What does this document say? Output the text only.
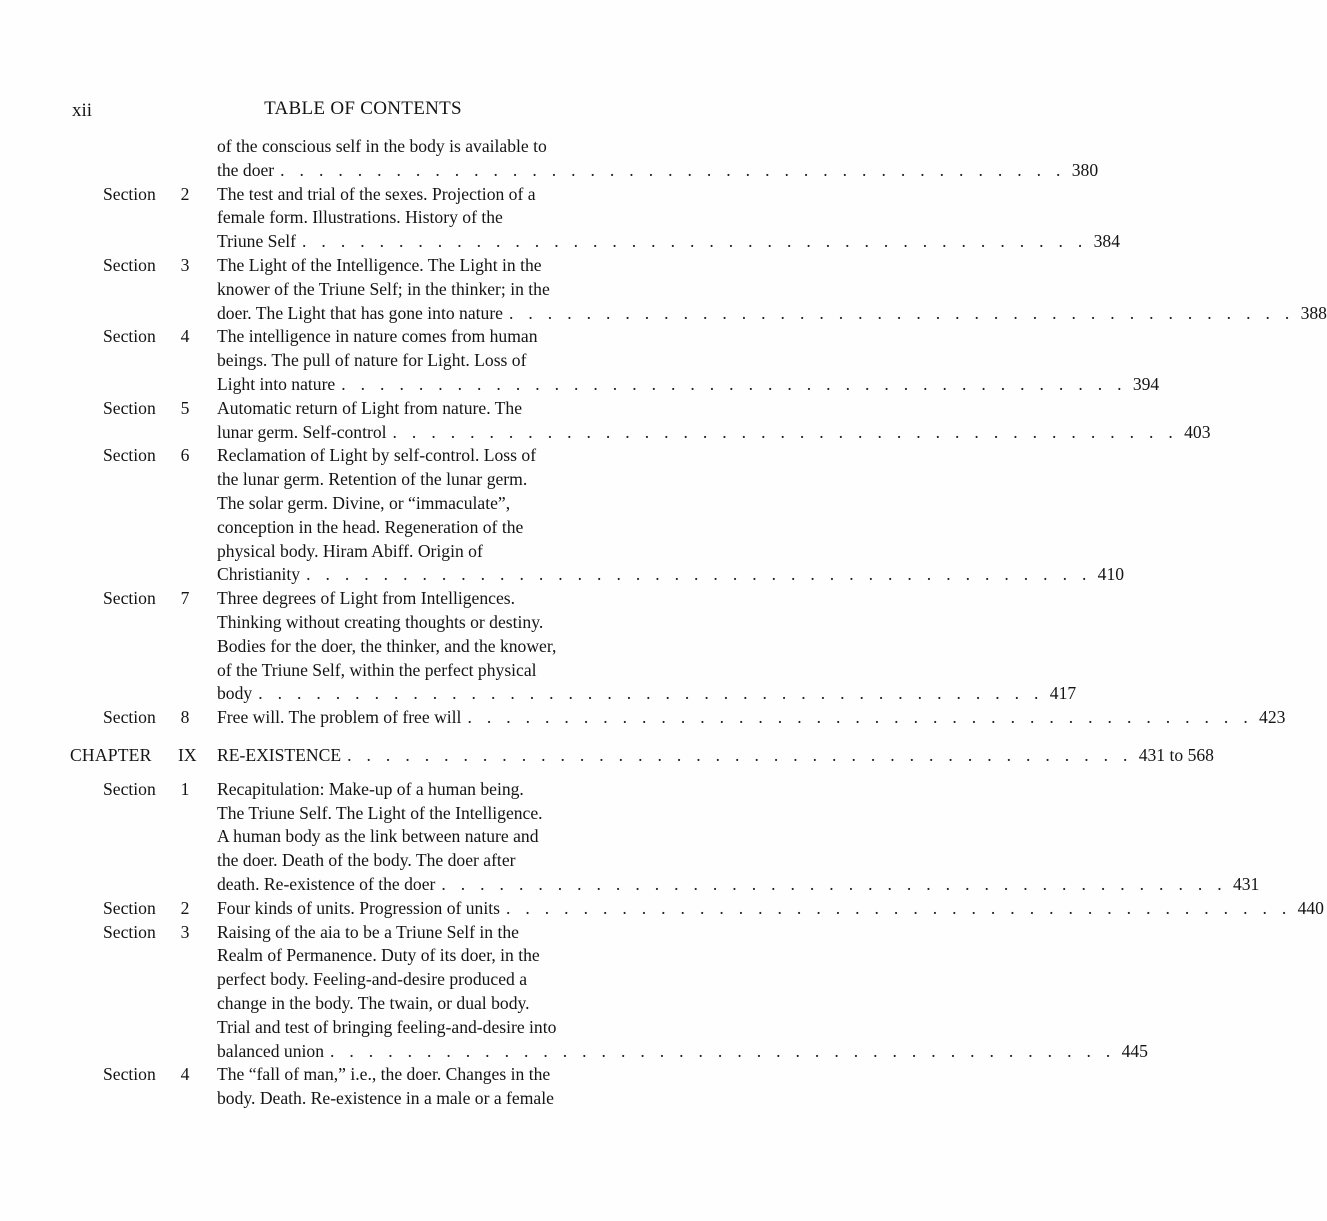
xii	TABLE OF CONTENTS
of the conscious self in the body is available to
the doer . . . . . . . . . . . . . . . . . . . . . . . . . . . . . . . . . . . . . . . . . 380
Section 2 The test and trial of the sexes. Projection of a
female form. Illustrations. History of the
Triune Self . . . . . . . . . . . . . . . . . . . . . . . . . . . . . . . . . . . . . . . . . 384
Section 3 The Light of the Intelligence. The Light in the
knower of the Triune Self; in the thinker; in the
doer. The Light that has gone into nature . . . . . . . . . . . . . . . . . . . . . . . . . . . . . . . . . . . . . . . . . 388
Section 4 The intelligence in nature comes from human
beings. The pull of nature for Light. Loss of
Light into nature . . . . . . . . . . . . . . . . . . . . . . . . . . . . . . . . . . . . . . . . . 394
Section 5 Automatic return of Light from nature. The
lunar germ. Self-control . . . . . . . . . . . . . . . . . . . . . . . . . . . . . . . . . . . . . . . . . 403
Section 6 Reclamation of Light by self-control. Loss of
the lunar germ. Retention of the lunar germ.
The solar germ. Divine, or “immaculate”,
conception in the head. Regeneration of the
physical body. Hiram Abiff. Origin of
Christianity . . . . . . . . . . . . . . . . . . . . . . . . . . . . . . . . . . . . . . . . . 410
Section 7 Three degrees of Light from Intelligences.
Thinking without creating thoughts or destiny.
Bodies for the doer, the thinker, and the knower,
of the Triune Self, within the perfect physical
body . . . . . . . . . . . . . . . . . . . . . . . . . . . . . . . . . . . . . . . . . 417
Section 8 Free will. The problem of free will . . . . . . . . . . . . . . . . . . . . . . . . . . . . . . . . . . . . . . . . . 423
CHAPTER IX RE-EXISTENCE . . . . . . . . . . . . . . . . . . . . . . . . . . . . . . . . . . . . . . . . . 431 to 568
Section 1 Recapitulation: Make-up of a human being.
The Triune Self. The Light of the Intelligence.
A human body as the link between nature and
the doer. Death of the body. The doer after
death. Re-existence of the doer . . . . . . . . . . . . . . . . . . . . . . . . . . . . . . . . . . . . . . . . . 431
Section 2 Four kinds of units. Progression of units . . . . . . . . . . . . . . . . . . . . . . . . . . . . . . . . . . . . . . . . . 440
Section 3 Raising of the aia to be a Triune Self in the
Realm of Permanence. Duty of its doer, in the
perfect body. Feeling-and-desire produced a
change in the body. The twain, or dual body.
Trial and test of bringing feeling-and-desire into
balanced union . . . . . . . . . . . . . . . . . . . . . . . . . . . . . . . . . . . . . . . . . 445
Section 4 The “fall of man,” i.e., the doer. Changes in the
body. Death. Re-existence in a male or a female
